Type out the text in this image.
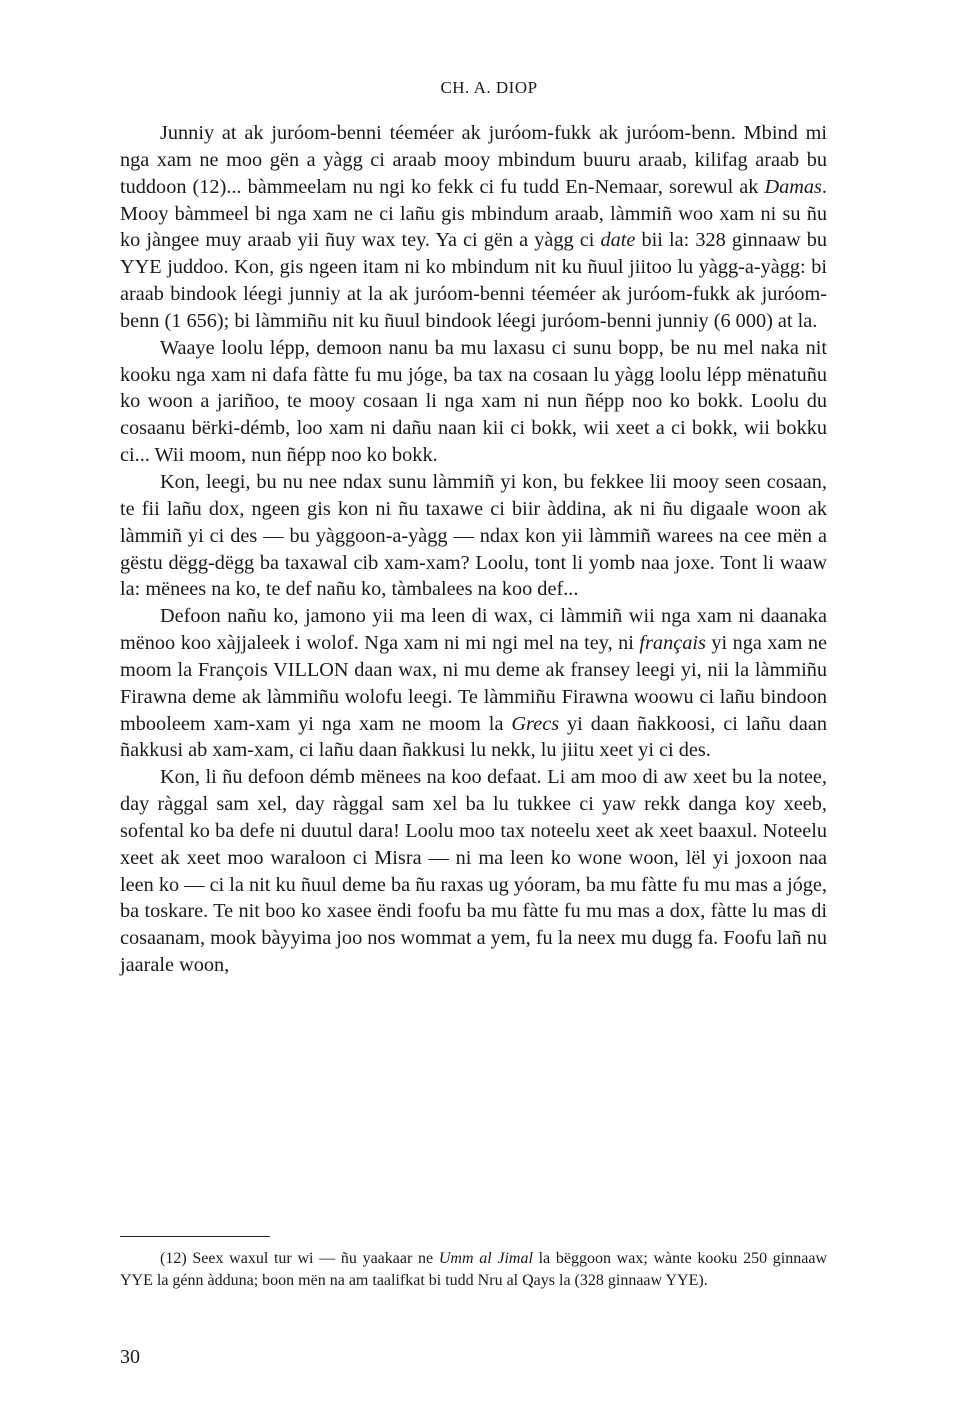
CH. A. DIOP

Junniy at ak juróom-benni téeméer ak juróom-fukk ak juróom-benn. Mbind mi nga xam ne moo gën a yàgg ci araab mooy mbindum buuru araab, kilifag araab bu tuddoon (12)... bàmmeelam nu ngi ko fekk ci fu tudd En-Nemaar, sorewul ak Damas. Mooy bàmmeel bi nga xam ne ci lañu gis mbindum araab, làmmiñ woo xam ni su ñu ko jàngee muy araab yii ñuy wax tey. Ya ci gën a yàgg ci date bii la: 328 ginnaaw bu YYE juddoo. Kon, gis ngeen itam ni ko mbindum nit ku ñuul jiitoo lu yàgg-a-yàgg: bi araab bindook léegi junniy at la ak juróom-benni téeméer ak juróom-fukk ak juróom-benn (1 656); bi làmmiñu nit ku ñuul bindook léegi juróom-benni junniy (6 000) at la.

Waaye loolu lépp, demoon nanu ba mu laxasu ci sunu bopp, be nu mel naka nit kooku nga xam ni dafa fàtte fu mu jóge, ba tax na cosaan lu yàgg loolu lépp mënatuñu ko woon a jariñoo, te mooy cosaan li nga xam ni nun ñépp noo ko bokk. Loolu du cosaanu bërki-démb, loo xam ni dañu naan kii ci bokk, wii xeet a ci bokk, wii bokku ci... Wii moom, nun ñépp noo ko bokk.

Kon, leegi, bu nu nee ndax sunu làmmiñ yi kon, bu fekkee lii mooy seen cosaan, te fii lañu dox, ngeen gis kon ni ñu taxawe ci biir àddina, ak ni ñu digaale woon ak làmmiñ yi ci des — bu yàggoon-a-yàgg — ndax kon yii làmmiñ warees na cee mën a gëstu dëgg-dëgg ba taxawal cib xam-xam? Loolu, tont li yomb naa joxe. Tont li waaw la: mënees na ko, te def nañu ko, tàmbalees na koo def...

Defoon nañu ko, jamono yii ma leen di wax, ci làmmiñ wii nga xam ni daanaka mënoo koo xàjjaleek i wolof. Nga xam ni mi ngi mel na tey, ni français yi nga xam ne moom la François VILLON daan wax, ni mu deme ak fransey leegi yi, nii la làmmiñu Firawna deme ak làmmiñu wolofu leegi. Te làmmiñu Firawna woowu ci lañu bindoon mbooleem xam-xam yi nga xam ne moom la Grecs yi daan ñakkoosi, ci lañu daan ñakkusi ab xam-xam, ci lañu daan ñakkusi lu nekk, lu jiitu xeet yi ci des.

Kon, li ñu defoon démb mënees na koo defaat. Li am moo di aw xeet bu la notee, day ràggal sam xel, day ràggal sam xel ba lu tukkee ci yaw rekk danga koy xeeb, sofental ko ba defe ni duutul dara! Loolu moo tax noteelu xeet ak xeet baaxul. Noteelu xeet ak xeet moo waraloon ci Misra — ni ma leen ko wone woon, lël yi joxoon naa leen ko — ci la nit ku ñuul deme ba ñu raxas ug yóoram, ba mu fàtte fu mu mas a jóge, ba toskare. Te nit boo ko xasee ëndi foofu ba mu fàtte fu mu mas a dox, fàtte lu mas di cosaanam, mook bàyyima joo nos wommat a yem, fu la neex mu dugg fa. Foofu lañ nu jaarale woon,

(12) Seex waxul tur wi — ñu yaakaar ne Umm al Jimal la bëggoon wax; wànte kooku 250 ginnaaw YYE la génn àdduna; boon mën na am taalifkat bi tudd Nru al Qays la (328 ginnaaw YYE).

30
